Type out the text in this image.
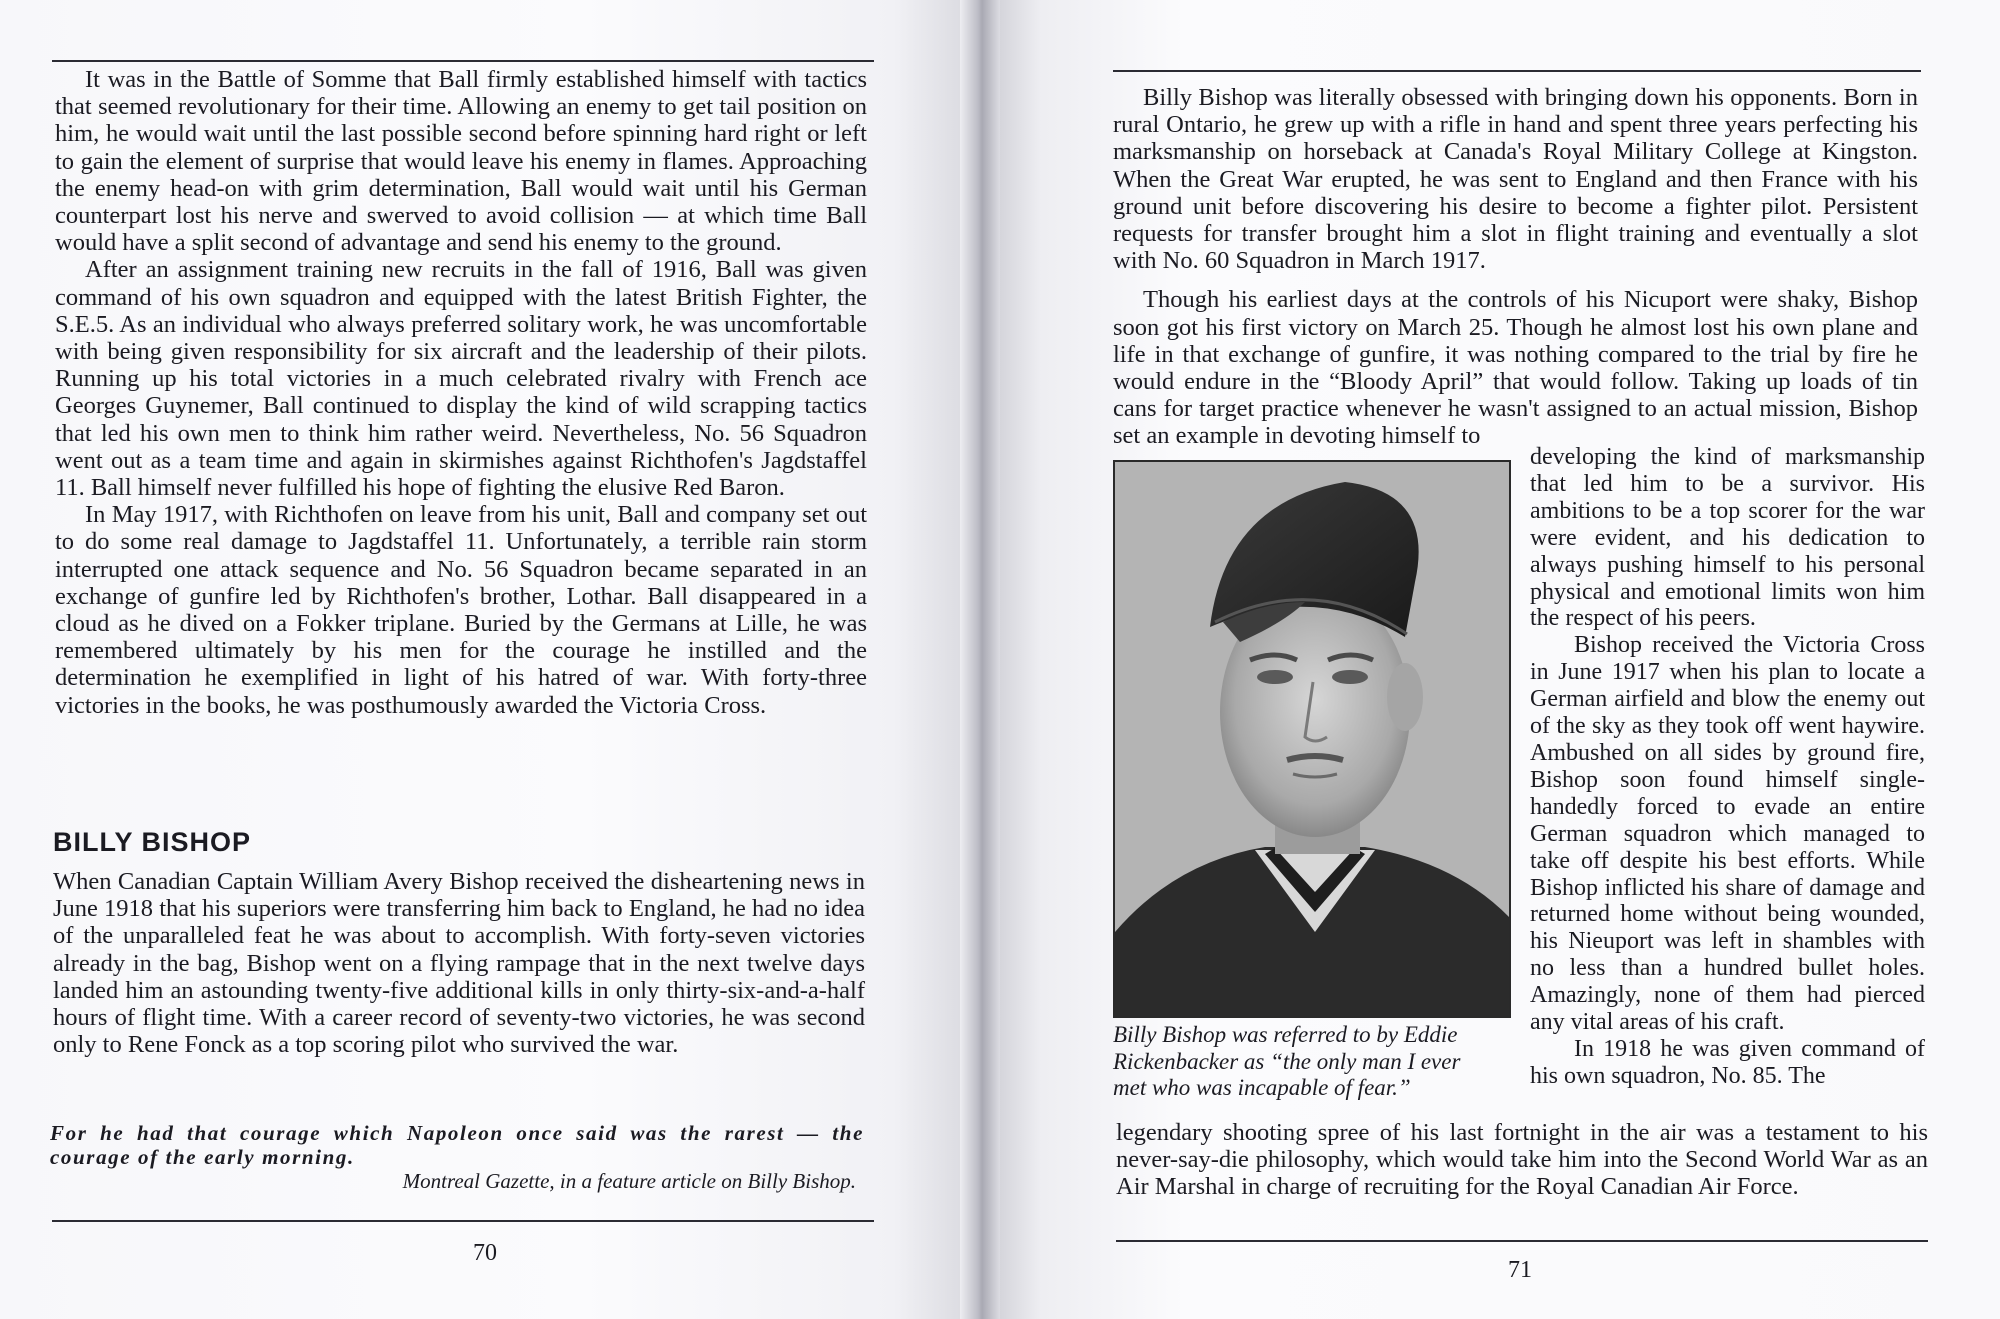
It was in the Battle of Somme that Ball firmly established himself with tactics that seemed revolutionary for their time. Allowing an enemy to get tail position on him, he would wait until the last possible second before spinning hard right or left to gain the element of surprise that would leave his enemy in flames. Approaching the enemy head-on with grim determination, Ball would wait until his German counterpart lost his nerve and swerved to avoid collision — at which time Ball would have a split second of advantage and send his enemy to the ground.

After an assignment training new recruits in the fall of 1916, Ball was given command of his own squadron and equipped with the latest British Fighter, the S.E.5. As an individual who always preferred solitary work, he was uncomfortable with being given responsibility for six aircraft and the leadership of their pilots. Running up his total victories in a much celebrated rivalry with French ace Georges Guynemer, Ball continued to display the kind of wild scrapping tactics that led his own men to think him rather weird. Nevertheless, No. 56 Squadron went out as a team time and again in skirmishes against Richthofen's Jagdstaffel 11. Ball himself never fulfilled his hope of fighting the elusive Red Baron.

In May 1917, with Richthofen on leave from his unit, Ball and company set out to do some real damage to Jagdstaffel 11. Unfortunately, a terrible rain storm interrupted one attack sequence and No. 56 Squadron became separated in an exchange of gunfire led by Richthofen's brother, Lothar. Ball disappeared in a cloud as he dived on a Fokker triplane. Buried by the Germans at Lille, he was remembered ultimately by his men for the courage he instilled and the determination he exemplified in light of his hatred of war. With forty-three victories in the books, he was posthumously awarded the Victoria Cross.

BILLY BISHOP

When Canadian Captain William Avery Bishop received the disheartening news in June 1918 that his superiors were transferring him back to England, he had no idea of the unparalleled feat he was about to accomplish. With forty-seven victories already in the bag, Bishop went on a flying rampage that in the next twelve days landed him an astounding twenty-five additional kills in only thirty-six-and-a-half hours of flight time. With a career record of seventy-two victories, he was second only to Rene Fonck as a top scoring pilot who survived the war.

For he had that courage which Napoleon once said was the rarest — the courage of the early morning.

Montreal Gazette, in a feature article on Billy Bishop.

70

Billy Bishop was literally obsessed with bringing down his opponents. Born in rural Ontario, he grew up with a rifle in hand and spent three years perfecting his marksmanship on horseback at Canada's Royal Military College at Kingston. When the Great War erupted, he was sent to England and then France with his ground unit before discovering his desire to become a fighter pilot. Persistent requests for transfer brought him a slot in flight training and eventually a slot with No. 60 Squadron in March 1917.

Though his earliest days at the controls of his Nicuport were shaky, Bishop soon got his first victory on March 25. Though he almost lost his own plane and life in that exchange of gunfire, it was nothing compared to the trial by fire he would endure in the “Bloody April” that would follow. Taking up loads of tin cans for target practice whenever he wasn't assigned to an actual mission, Bishop set an example in devoting himself to

Billy Bishop was referred to by Eddie
Rickenbacker as “the only man I ever
met who was incapable of fear.”

developing the kind of marksmanship that led him to be a survivor. His ambitions to be a top scorer for the war were evident, and his dedication to always pushing himself to his personal physical and emotional limits won him the respect of his peers.

Bishop received the Victoria Cross in June 1917 when his plan to locate a German airfield and blow the enemy out of the sky as they took off went haywire. Ambushed on all sides by ground fire, Bishop soon found himself single-handedly forced to evade an entire German squadron which managed to take off despite his best efforts. While Bishop inflicted his share of damage and returned home without being wounded, his Nieuport was left in shambles with no less than a hundred bullet holes. Amazingly, none of them had pierced any vital areas of his craft.

In 1918 he was given command of his own squadron, No. 85. The

legendary shooting spree of his last fortnight in the air was a testament to his never-say-die philosophy, which would take him into the Second World War as an Air Marshal in charge of recruiting for the Royal Canadian Air Force.

71
